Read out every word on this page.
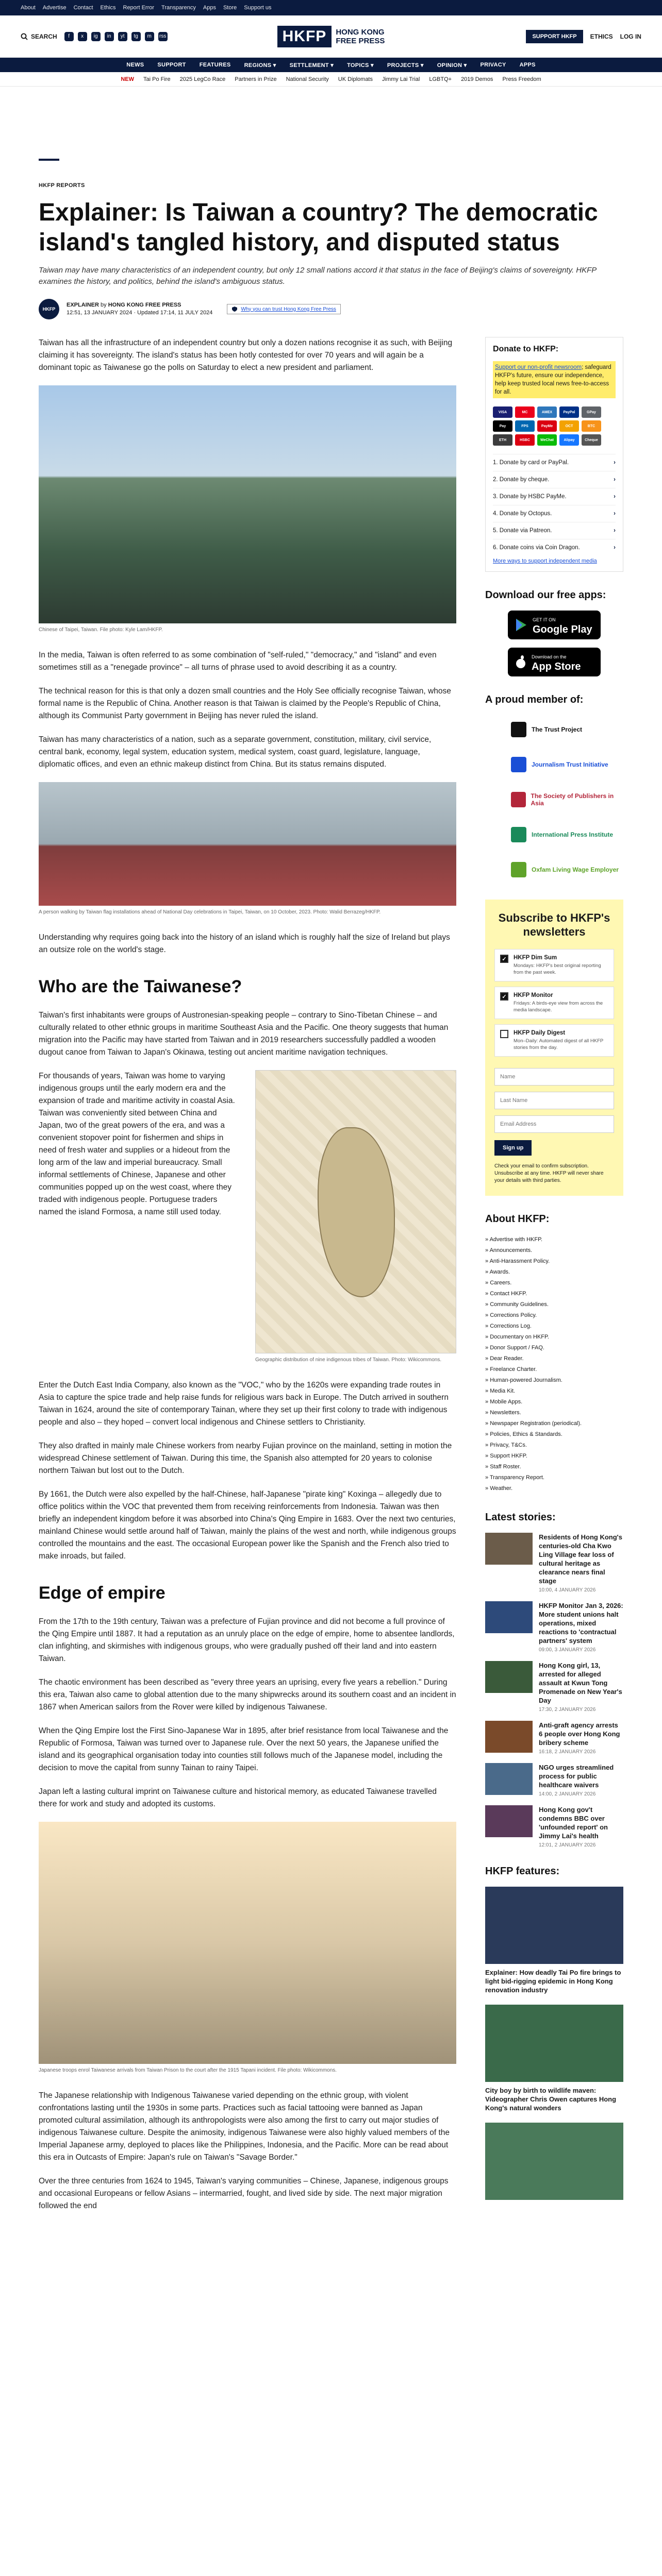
About Advertise Contact Ethics Report Error Transparency Apps Store Support us
SEARCH	f	x	ig	in	yt	tg	m	rss	HKFP	HONG KONG
FREE PRESS	SUPPORT HKFP	ETHICS LOG IN
NEWS SUPPORT FEATURES REGIONS ▾ SETTLEMENT ▾ TOPICS ▾ PROJECTS ▾ OPINION ▾ PRIVACY APPS
NEW Tai Po Fire 2025 LegCo Race Partners in Prize National Security UK Diplomats Jimmy Lai Trial LGBTQ+ 2019 Demos Press Freedom
HKFP REPORTS
Explainer: Is Taiwan a country? The democratic island's tangled history, and disputed status

Taiwan may have many characteristics of an independent country, but only 12 small nations accord it that status in the face of Beijing's claims of sovereignty. HKFP examines the history, and politics, behind the island's ambiguous status.

HKFP
EXPLAINER by HONG KONG FREE PRESS
12:51, 13 JANUARY 2024 · Updated 17:14, 11 JULY 2024
Why you can trust Hong Kong Free Press

Taiwan has all the infrastructure of an independent country but only a dozen nations recognise it as such, with Beijing claiming it has sovereignty. The island's status has been hotly contested for over 70 years and will again be a dominant topic as Taiwanese go the polls on Saturday to elect a new president and parliament.

Chinese of Taipei, Taiwan. File photo: Kyle Lam/HKFP.

In the media, Taiwan is often referred to as some combination of "self-ruled," "democracy," and "island" and even sometimes still as a "renegade province" – all turns of phrase used to avoid describing it as a country.

The technical reason for this is that only a dozen small countries and the Holy See officially recognise Taiwan, whose formal name is the Republic of China. Another reason is that Taiwan is claimed by the People's Republic of China, although its Communist Party government in Beijing has never ruled the island.

Taiwan has many characteristics of a nation, such as a separate government, constitution, military, civil service, central bank, economy, legal system, education system, medical system, coast guard, legislature, language, diplomatic offices, and even an ethnic makeup distinct from China. But its status remains disputed.

A person walking by Taiwan flag installations ahead of National Day celebrations in Taipei, Taiwan, on 10 October, 2023. Photo: Walid Berrazeg/HKFP.

Understanding why requires going back into the history of an island which is roughly half the size of Ireland but plays an outsize role on the world's stage.

Who are the Taiwanese?

Taiwan's first inhabitants were groups of Austronesian-speaking people – contrary to Sino-Tibetan Chinese – and culturally related to other ethnic groups in maritime Southeast Asia and the Pacific. One theory suggests that human migration into the Pacific may have started from Taiwan and in 2019 researchers successfully paddled a wooden dugout canoe from Taiwan to Japan's Okinawa, testing out ancient maritime navigation techniques.

For thousands of years, Taiwan was home to varying indigenous groups until the early modern era and the expansion of trade and maritime activity in coastal Asia. Taiwan was conveniently sited between China and Japan, two of the great powers of the era, and was a convenient stopover point for fishermen and ships in need of fresh water and supplies or a hideout from the long arm of the law and imperial bureaucracy. Small informal settlements of Chinese, Japanese and other communities popped up on the west coast, where they traded with indigenous people. Portuguese traders named the island Formosa, a name still used today.

Geographic distribution of nine indigenous tribes of Taiwan. Photo: Wikicommons.

Enter the Dutch East India Company, also known as the "VOC," who by the 1620s were expanding trade routes in Asia to capture the spice trade and help raise funds for religious wars back in Europe. The Dutch arrived in southern Taiwan in 1624, around the site of contemporary Tainan, where they set up their first colony to trade with indigenous people and also – they hoped – convert local indigenous and Chinese settlers to Christianity.

They also drafted in mainly male Chinese workers from nearby Fujian province on the mainland, setting in motion the widespread Chinese settlement of Taiwan. During this time, the Spanish also attempted for 20 years to colonise northern Taiwan but lost out to the Dutch.

By 1661, the Dutch were also expelled by the half-Chinese, half-Japanese "pirate king" Koxinga – allegedly due to office politics within the VOC that prevented them from receiving reinforcements from Indonesia. Taiwan was then briefly an independent kingdom before it was absorbed into China's Qing Empire in 1683. Over the next two centuries, mainland Chinese would settle around half of Taiwan, mainly the plains of the west and north, while indigenous groups controlled the mountains and the east. The occasional European power like the Spanish and the French also tried to make inroads, but failed.

Edge of empire

From the 17th to the 19th century, Taiwan was a prefecture of Fujian province and did not become a full province of the Qing Empire until 1887. It had a reputation as an unruly place on the edge of empire, home to absentee landlords, clan infighting, and skirmishes with indigenous groups, who were gradually pushed off their land and into eastern Taiwan.

The chaotic environment has been described as "every three years an uprising, every five years a rebellion." During this era, Taiwan also came to global attention due to the many shipwrecks around its southern coast and an incident in 1867 when American sailors from the Rover were killed by indigenous Taiwanese.

When the Qing Empire lost the First Sino-Japanese War in 1895, after brief resistance from local Taiwanese and the Republic of Formosa, Taiwan was turned over to Japanese rule. Over the next 50 years, the Japanese unified the island and its geographical organisation today into counties still follows much of the Japanese model, including the decision to move the capital from sunny Tainan to rainy Taipei.

Japan left a lasting cultural imprint on Taiwanese culture and historical memory, as educated Taiwanese travelled there for work and study and adopted its customs.

Japanese troops enrol Taiwanese arrivals from Taiwan Prison to the court after the 1915 Tapani incident. File photo: Wikicommons.

The Japanese relationship with Indigenous Taiwanese varied depending on the ethnic group, with violent confrontations lasting until the 1930s in some parts. Practices such as facial tattooing were banned as Japan promoted cultural assimilation, although its anthropologists were also among the first to carry out major studies of indigenous Taiwanese culture. Despite the animosity, indigenous Taiwanese were also highly valued members of the Imperial Japanese army, deployed to places like the Philippines, Indonesia, and the Pacific. More can be read about this era in Outcasts of Empire: Japan's rule on Taiwan's "Savage Border."

Over the three centuries from 1624 to 1945, Taiwan's varying communities – Chinese, Japanese, indigenous groups and occasional Europeans or fellow Asians – intermarried, fought, and lived side by side. The next major migration followed the end

Donate to HKFP:

Support our non-profit newsroom; safeguard HKFP's future, ensure our independence, help keep trusted local news free-to-access for all.

VISA	MC	AMEX	PayPal	GPay
Pay	FPS	PayMe	OCT	BTC
ETH	HSBC	WeChat	Alipay	Cheque
1. Donate by card or PayPal.	›
2. Donate by cheque.	›
3. Donate by HSBC PayMe.	›
4. Donate by Octopus.	›
5. Donate via Patreon.	›
6. Donate coins via Coin Dragon.	›
More ways to support independent media
Download our free apps:
GET IT ON
Google Play
Download on the
App Store
A proud member of:
The Trust Project
Journalism Trust Initiative
The Society of Publishers in Asia
International Press Institute
Oxfam Living Wage Employer
Subscribe to HKFP's newsletters
✓ HKFP Dim Sum
Mondays: HKFP's best original reporting from the past week.
✓ HKFP Monitor
Fridays: A birds-eye view from across the media landscape.
HKFP Daily Digest
Mon–Daily: Automated digest of all HKFP stories from the day.
Name Last Name Email Address Sign up

Check your email to confirm subscription. Unsubscribe at any time. HKFP will never share your details with third parties.

About HKFP:
» Advertise with HKFP.
» Announcements.
» Anti-Harassment Policy.
» Awards.
» Careers.
» Contact HKFP.
» Community Guidelines.
» Corrections Policy.
» Corrections Log.
» Documentary on HKFP.
» Donor Support / FAQ.
» Dear Reader.
» Freelance Charter.
» Human-powered Journalism.
» Media Kit.
» Mobile Apps.
» Newsletters.
» Newspaper Registration (periodical).
» Policies, Ethics & Standards.
» Privacy, T&Cs.
» Support HKFP.
» Staff Roster.
» Transparency Report.
» Weather.
Latest stories:
Residents of Hong Kong's centuries-old Cha Kwo Ling Village fear loss of cultural heritage as clearance nears final stage
10:00, 4 JANUARY 2026
HKFP Monitor Jan 3, 2026: More student unions halt operations, mixed reactions to 'contractual partners' system
09:00, 3 JANUARY 2026
Hong Kong girl, 13, arrested for alleged assault at Kwun Tong Promenade on New Year's Day
17:30, 2 JANUARY 2026
Anti-graft agency arrests 6 people over Hong Kong bribery scheme
16:18, 2 JANUARY 2026
NGO urges streamlined process for public healthcare waivers
14:00, 2 JANUARY 2026
Hong Kong gov't condemns BBC over 'unfounded report' on Jimmy Lai's health
12:01, 2 JANUARY 2026
HKFP features:
Explainer: How deadly Tai Po fire brings to light bid-rigging epidemic in Hong Kong renovation industry
City boy by birth to wildlife maven: Videographer Chris Owen captures Hong Kong's natural wonders
